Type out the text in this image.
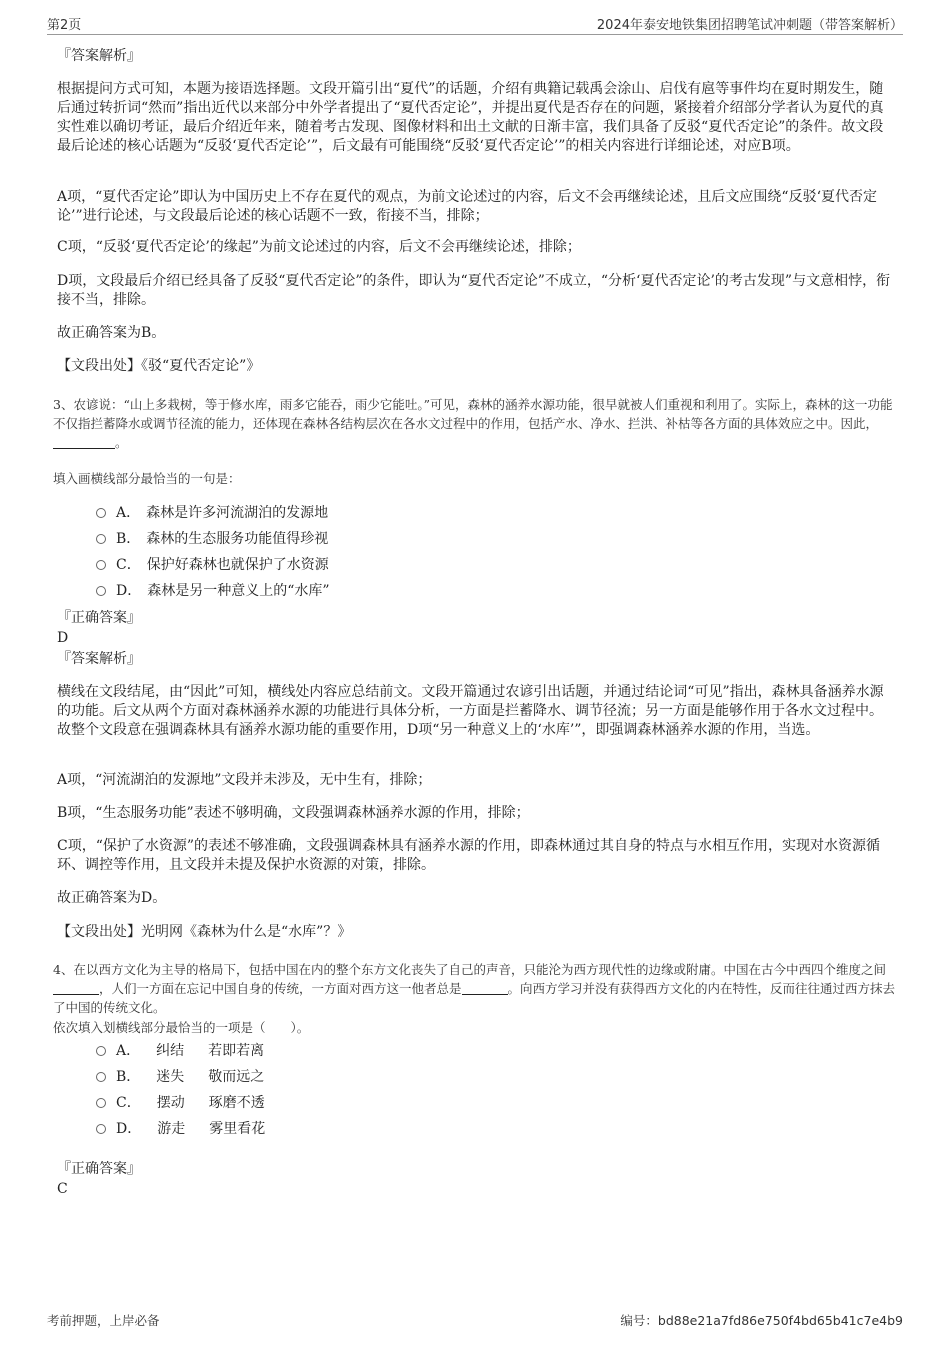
第2页	2024年泰安地铁集团招聘笔试冲刺题（带答案解析）

『答案解析』

根据提问方式可知，本题为接语选择题。文段开篇引出“夏代”的话题，介绍有典籍记载禹会涂山、启伐有扈等事件均在夏时期发生，随后通过转折词“然而”指出近代以来部分中外学者提出了“夏代否定论”，并提出夏代是否存在的问题，紧接着介绍部分学者认为夏代的真实性难以确切考证，最后介绍近年来，随着考古发现、图像材料和出土文献的日渐丰富，我们具备了反驳“夏代否定论”的条件。故文段最后论述的核心话题为“反驳‘夏代否定论’”，后文最有可能围绕“反驳‘夏代否定论’”的相关内容进行详细论述，对应B项。

A项，“夏代否定论”即认为中国历史上不存在夏代的观点，为前文论述过的内容，后文不会再继续论述，且后文应围绕“反驳‘夏代否定论’”进行论述，与文段最后论述的核心话题不一致，衔接不当，排除；

C项，“反驳‘夏代否定论’的缘起”为前文论述过的内容，后文不会再继续论述，排除；

D项，文段最后介绍已经具备了反驳“夏代否定论”的条件，即认为“夏代否定论”不成立，“分析‘夏代否定论’的考古发现”与文意相悖，衔接不当，排除。

故正确答案为B。

【文段出处】《驳“夏代否定论”》

3、农谚说：“山上多栽树，等于修水库，雨多它能吞，雨少它能吐。”可见，森林的涵养水源功能，很早就被人们重视和利用了。实际上，森林的这一功能不仅指拦蓄降水或调节径流的能力，还体现在森林各结构层次在各水文过程中的作用，包括产水、净水、拦洪、补枯等各方面的具体效应之中。因此，。

填入画横线部分最恰当的一句是：

A． 森林是许多河流湖泊的发源地
B． 森林的生态服务功能值得珍视
C． 保护好森林也就保护了水资源
D． 森林是另一种意义上的“水库”

『正确答案』

D

『答案解析』

横线在文段结尾，由“因此”可知，横线处内容应总结前文。文段开篇通过农谚引出话题，并通过结论词“可见”指出，森林具备涵养水源的功能。后文从两个方面对森林涵养水源的功能进行具体分析，一方面是拦蓄降水、调节径流；另一方面是能够作用于各水文过程中。故整个文段意在强调森林具有涵养水源功能的重要作用，D项“另一种意义上的‘水库’”，即强调森林涵养水源的作用，当选。

A项，“河流湖泊的发源地”文段并未涉及，无中生有，排除；

B项，“生态服务功能”表述不够明确，文段强调森林涵养水源的作用，排除；

C项，“保护了水资源”的表述不够准确，文段强调森林具有涵养水源的作用，即森林通过其自身的特点与水相互作用，实现对水资源循环、调控等作用，且文段并未提及保护水资源的对策，排除。

故正确答案为D。

【文段出处】光明网《森林为什么是“水库”？》

4、在以西方文化为主导的格局下，包括中国在内的整个东方文化丧失了自己的声音，只能沦为西方现代性的边缘或附庸。中国在古今中西四个维度之间，人们一方面在忘记中国自身的传统，一方面对西方这一他者总是	。向西方学习并没有获得西方文化的内在特性，反而往往通过西方抹去了中国的传统文化。

依次填入划横线部分最恰当的一项是（　　）。

A． 纠结 若即若离
B． 迷失 敬而远之
C． 摆动 琢磨不透
D． 游走 雾里看花

『正确答案』

C

考前押题，上岸必备	编号：bd88e21a7fd86e750f4bd65b41c7e4b9
